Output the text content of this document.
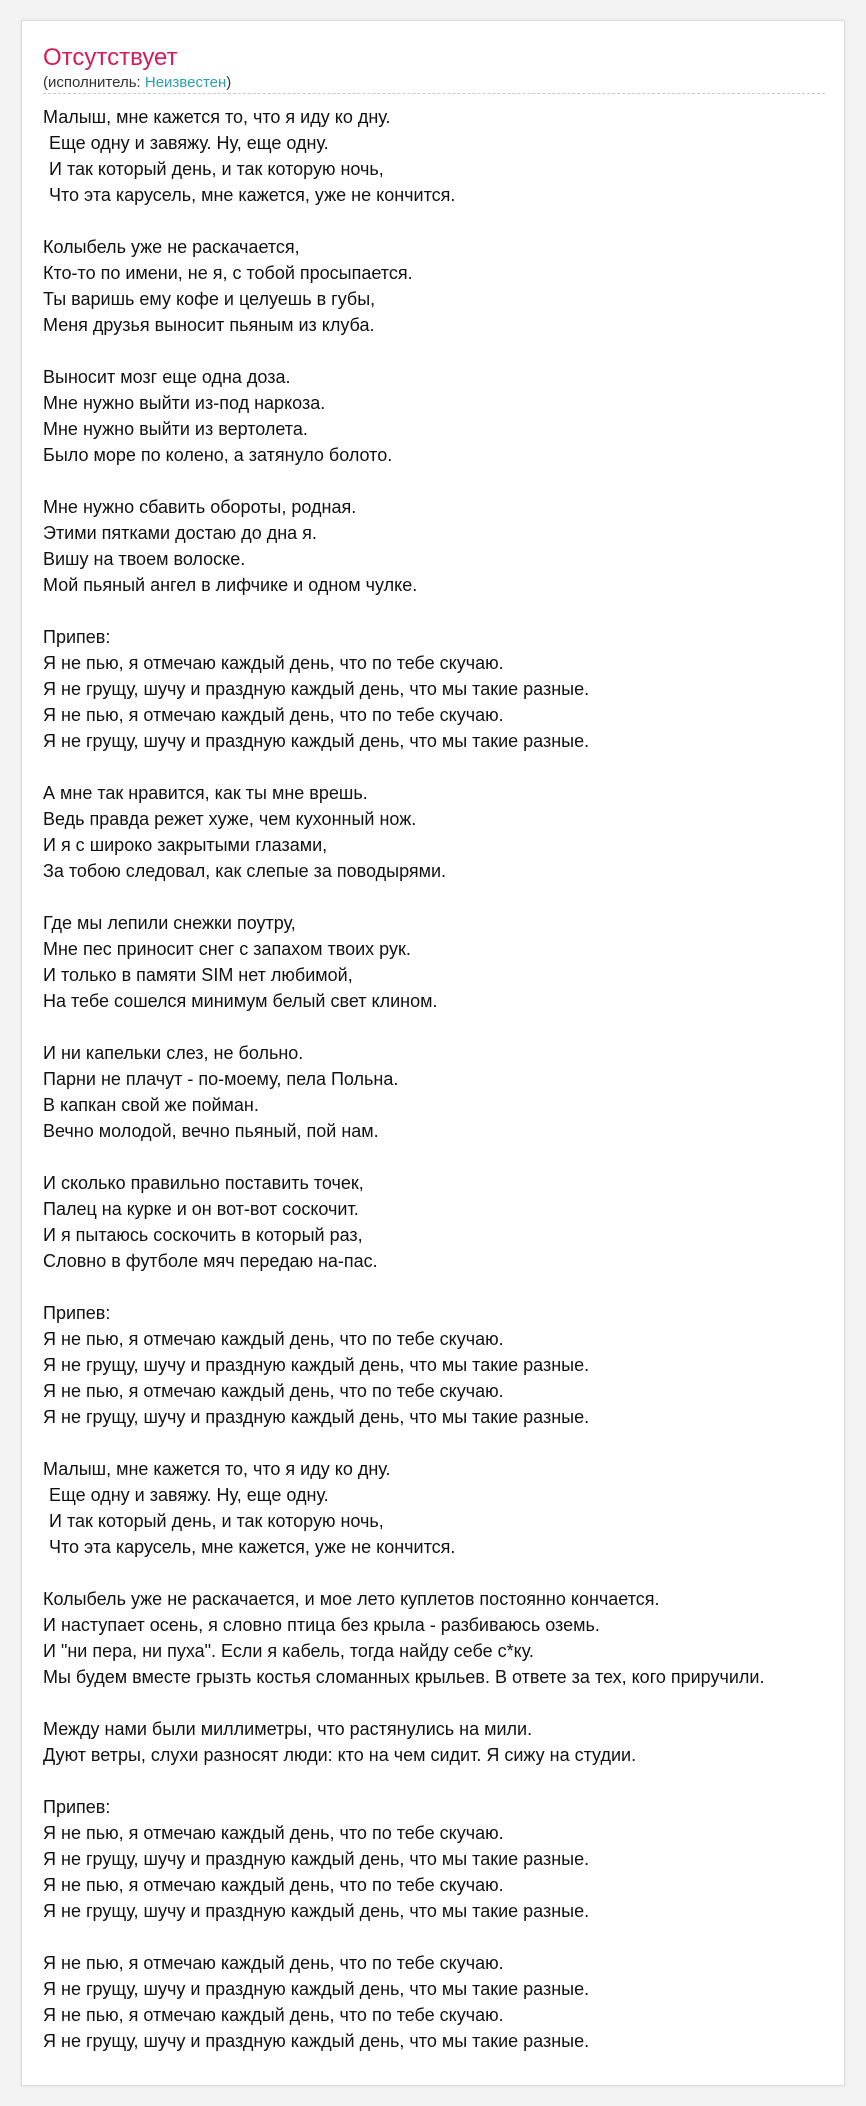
Отсутствует
(исполнитель: Неизвестен)
Малыш, мне кажется то, что я иду ко дну.
Еще одну и завяжу. Ну, еще одну.
И так который день, и так которую ночь,
Что эта карусель, мне кажется, уже не кончится.
Колыбель уже не раскачается,
Кто-то по имени, не я, с тобой просыпается.
Ты варишь ему кофе и целуешь в губы,
Меня друзья выносит пьяным из клуба.
Выносит мозг еще одна доза.
Мне нужно выйти из-под наркоза.
Мне нужно выйти из вертолета.
Было море по колено, а затянуло болото.
Мне нужно сбавить обороты, родная.
Этими пятками достаю до дна я.
Вишу на твоем волоске.
Мой пьяный ангел в лифчике и одном чулке.
Припев:
Я не пью, я отмечаю каждый день, что по тебе скучаю.
Я не грущу, шучу и праздную каждый день, что мы такие разные.
Я не пью, я отмечаю каждый день, что по тебе скучаю.
Я не грущу, шучу и праздную каждый день, что мы такие разные.
А мне так нравится, как ты мне врешь.
Ведь правда режет хуже, чем кухонный нож.
И я с широко закрытыми глазами,
За тобою следовал, как слепые за поводырями.
Где мы лепили снежки поутру,
Мне пес приносит снег с запахом твоих рук.
И только в памяти SIM нет любимой,
На тебе сошелся минимум белый свет клином.
И ни капельки слез, не больно.
Парни не плачут - по-моему, пела Польна.
В капкан свой же пойман.
Вечно молодой, вечно пьяный, пой нам.
И сколько правильно поставить точек,
Палец на курке и он вот-вот соскочит.
И я пытаюсь соскочить в который раз,
Словно в футболе мяч передаю на-пас.
Припев:
Я не пью, я отмечаю каждый день, что по тебе скучаю.
Я не грущу, шучу и праздную каждый день, что мы такие разные.
Я не пью, я отмечаю каждый день, что по тебе скучаю.
Я не грущу, шучу и праздную каждый день, что мы такие разные.
Малыш, мне кажется то, что я иду ко дну.
Еще одну и завяжу. Ну, еще одну.
И так который день, и так которую ночь,
Что эта карусель, мне кажется, уже не кончится.
Колыбель уже не раскачается, и мое лето куплетов постоянно кончается.
И наступает осень, я словно птица без крыла - разбиваюсь оземь.
И "ни пера, ни пуха". Если я кабель, тогда найду себе с*ку.
Мы будем вместе грызть костья сломанных крыльев. В ответе за тех, кого приручили.
Между нами были миллиметры, что растянулись на мили.
Дуют ветры, слухи разносят люди: кто на чем сидит. Я сижу на студии.
Припев:
Я не пью, я отмечаю каждый день, что по тебе скучаю.
Я не грущу, шучу и праздную каждый день, что мы такие разные.
Я не пью, я отмечаю каждый день, что по тебе скучаю.
Я не грущу, шучу и праздную каждый день, что мы такие разные.
Я не пью, я отмечаю каждый день, что по тебе скучаю.
Я не грущу, шучу и праздную каждый день, что мы такие разные.
Я не пью, я отмечаю каждый день, что по тебе скучаю.
Я не грущу, шучу и праздную каждый день, что мы такие разные.
